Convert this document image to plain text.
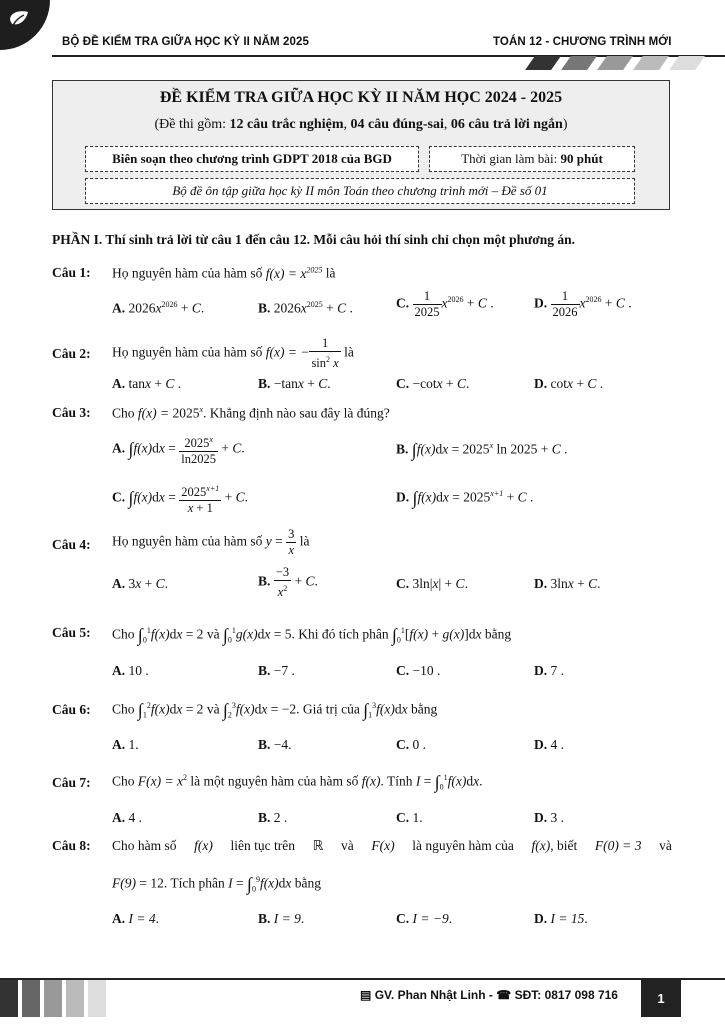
BỘ ĐỀ KIỂM TRA GIỮA HỌC KỲ II NĂM 2025	TOÁN 12 - CHƯƠNG TRÌNH MỚI
ĐỀ KIỂM TRA GIỮA HỌC KỲ II NĂM HỌC 2024 - 2025
(Đề thi gồm: 12 câu trắc nghiệm, 04 câu đúng-sai, 06 câu trả lời ngắn)
Biên soạn theo chương trình GDPT 2018 của BGD	Thời gian làm bài: 90 phút
Bộ đề ôn tập giữa học kỳ II môn Toán theo chương trình mới – Đề số 01
PHẦN I. Thí sinh trả lời từ câu 1 đến câu 12. Mỗi câu hỏi thí sinh chỉ chọn một phương án.
Câu 1: Họ nguyên hàm của hàm số $f(x) = x^{2025}$ là
A. $2026x^{2026} + C$.	B. $2026x^{2025} + C$ .	C. $\frac{1}{2025} x^{2026} + C$ .	D. $\frac{1}{2026} x^{2026} + C$ .
Câu 2: Họ nguyên hàm của hàm số f(x) = − $\frac{1}{\sin^2 x}$ là
A. tanx + C .	B. −tanx + C.	C. −cotx + C.	D. cotx + C .
Câu 3: Cho $f(x) = 2025^x$. Khẳng định nào sau đây là đúng?
A. $\int f(x)dx = \frac{2025^x}{\ln 2025} + C$.	B. $\int f(x)dx = 2025^x$ ln 2025 + C .
C. $\int f(x)dx = \frac{2025^{x+1}}{x + 1} + C$.	D. $\int f(x)dx = 2025^{x+1} + C$ .
Câu 4: Họ nguyên hàm của hàm số $y = \frac{3}{x}$ là
A. 3x + C.	B. $\frac{-3}{x^2} + C$.	C. 3ln|x| + C.	D. 3lnx + C.
Câu 5: Cho $\int_0^1f(x)dx = 2$ và $\int_0^1g(x)dx = 5$. Khi đó tích phân $\int_0^1[f(x) + g(x)]dx$ bằng
A. 10 .	B. −7 .	C. −10 .	D. 7 .
Câu 6: Cho $\int_1^2f(x)dx = 2$ và $\int_2^3f(x)dx = -2$. Giá trị của $\int_1^3f(x)dx$ bằng
A. 1.	B. −4.	C. 0 .	D. 4 .
Câu 7: Cho $F(x) = x^2$ là một nguyên hàm của hàm số f(x). Tính $I = \int_0^1f(x)dx$.
A. 4 .	B. 2 .	C. 1.	D. 3 .
Câu 8: Cho hàm số f(x) liên tục trên ℝ và F(x) là nguyên hàm của f(x), biết F(0) = 3 và
F(9) = 12. Tích phân $I = \int_0^9f(x)dx$ bằng
A. I = 4.	B. I = 9.	C. I = −9.	D. I = 15.
▤ GV. Phan Nhật Linh - ☎ SĐT: 0817 098 716	1
